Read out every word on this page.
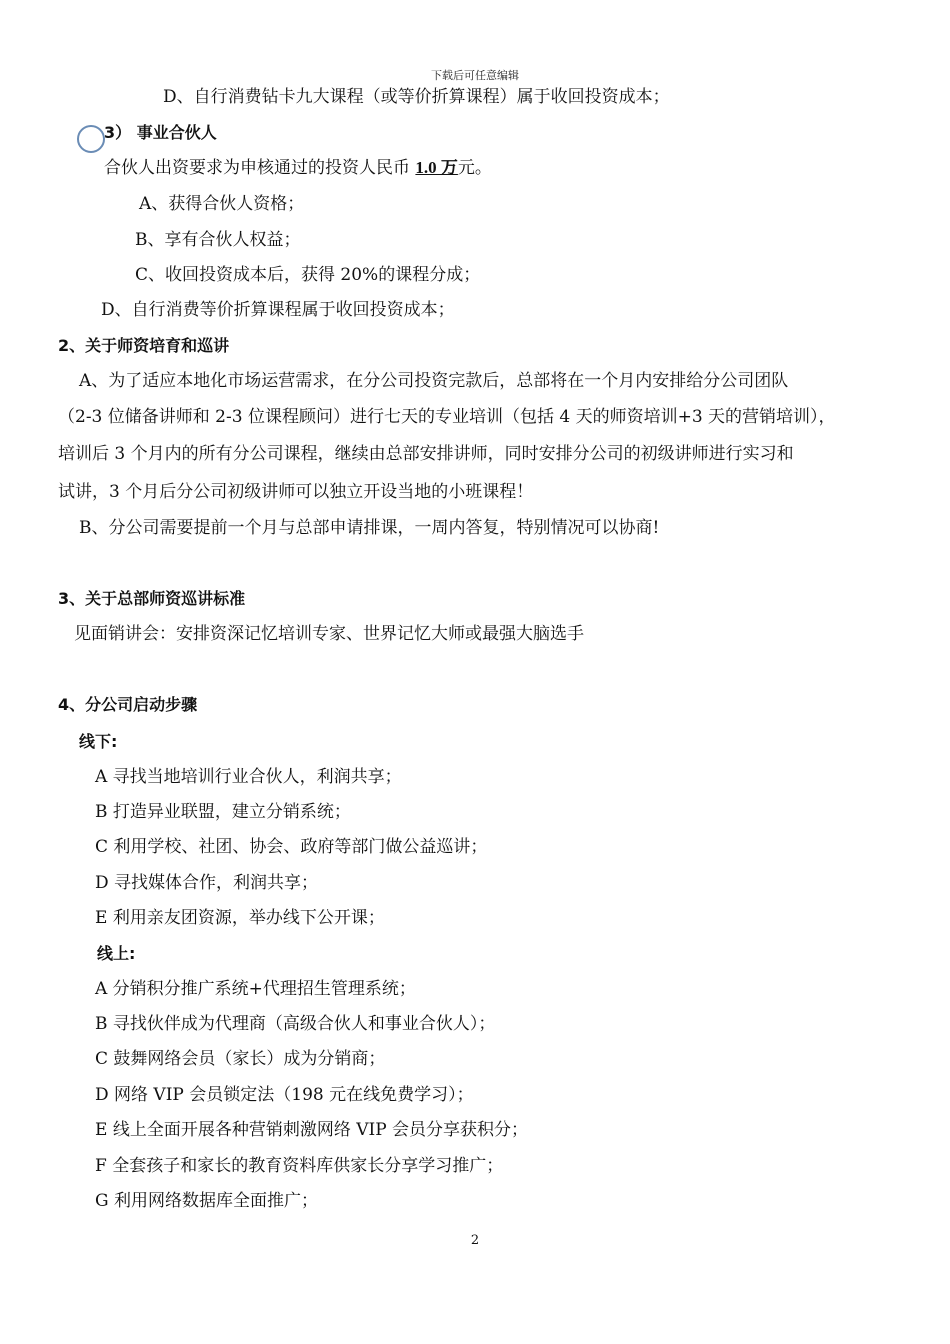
下载后可任意编辑
D、自行消费钻卡九大课程（或等价折算课程）属于收回投资成本；
3） 事业合伙人
合伙人出资要求为申核通过的投资人民币 1.0 万元。
A、获得合伙人资格；
B、享有合伙人权益；
C、收回投资成本后，获得 20%的课程分成；
D、自行消费等价折算课程属于收回投资成本；
2、关于师资培育和巡讲
A、为了适应本地化市场运营需求，在分公司投资完款后，总部将在一个月内安排给分公司团队
（2-3 位储备讲师和 2-3 位课程顾问）进行七天的专业培训（包括 4 天的师资培训+3 天的营销培训），
培训后 3 个月内的所有分公司课程，继续由总部安排讲师，同时安排分公司的初级讲师进行实习和
试讲，3 个月后分公司初级讲师可以独立开设当地的小班课程！
B、分公司需要提前一个月与总部申请排课，一周内答复，特别情况可以协商!
3、关于总部师资巡讲标准
见面销讲会：安排资深记忆培训专家、世界记忆大师或最强大脑选手
4、分公司启动步骤
线下:
A 寻找当地培训行业合伙人，利润共享；
B 打造异业联盟，建立分销系统；
C 利用学校、社团、协会、政府等部门做公益巡讲；
D 寻找媒体合作，利润共享；
E 利用亲友团资源，举办线下公开课；
线上:
A 分销积分推广系统+代理招生管理系统；
B 寻找伙伴成为代理商（高级合伙人和事业合伙人）；
C 鼓舞网络会员（家长）成为分销商；
D 网络 VIP 会员锁定法（198 元在线免费学习）；
E 线上全面开展各种营销刺激网络 VIP 会员分享获积分；
F 全套孩子和家长的教育资料库供家长分享学习推广；
G 利用网络数据库全面推广；
2
